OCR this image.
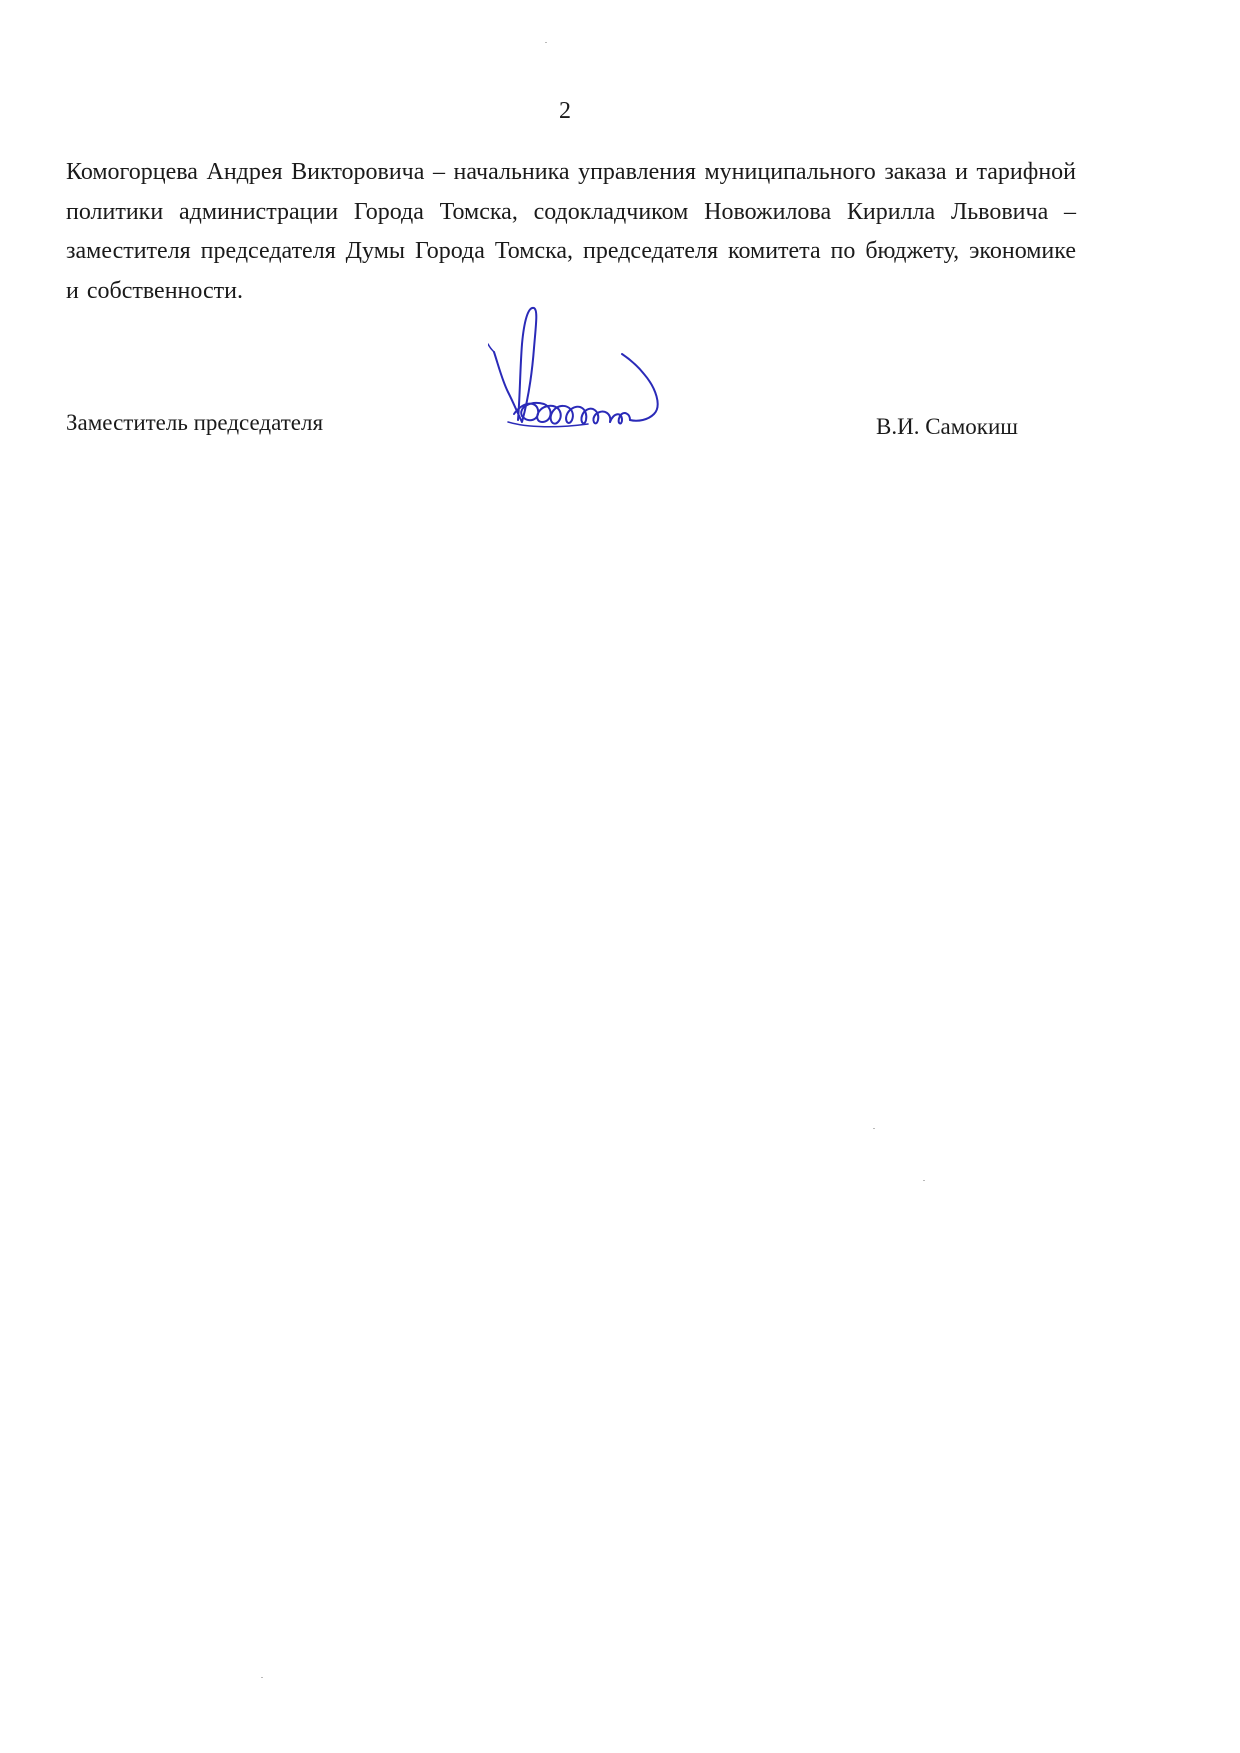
2

Комогорцева Андрея Викторовича – начальника управления муниципального заказа и тарифной политики администрации Города Томска, содокладчиком Новожилова Кирилла Львовича – заместителя председателя Думы Города Томска, председателя комитета по бюджету, экономике и собственности.

Заместитель председателя	В.И. Самокиш
